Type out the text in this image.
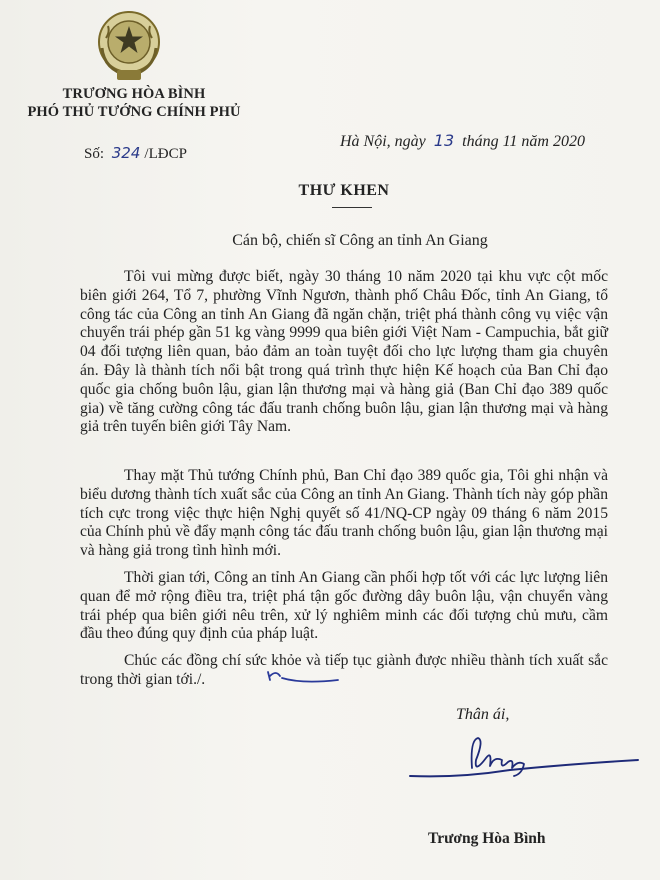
TRƯƠNG HÒA BÌNH
PHÓ THỦ TƯỚNG CHÍNH PHỦ
Số: 324 /LĐCP
Hà Nội, ngày 13 tháng 11 năm 2020
THƯ KHEN
Cán bộ, chiến sĩ Công an tỉnh An Giang
Tôi vui mừng được biết, ngày 30 tháng 10 năm 2020 tại khu vực cột mốc biên giới 264, Tổ 7, phường Vĩnh Ngươn, thành phố Châu Đốc, tỉnh An Giang, tổ công tác của Công an tỉnh An Giang đã ngăn chặn, triệt phá thành công vụ việc vận chuyển trái phép gần 51 kg vàng 9999 qua biên giới Việt Nam - Campuchia, bắt giữ 04 đối tượng liên quan, bảo đảm an toàn tuyệt đối cho lực lượng tham gia chuyên án. Đây là thành tích nổi bật trong quá trình thực hiện Kế hoạch của Ban Chỉ đạo quốc gia chống buôn lậu, gian lận thương mại và hàng giả (Ban Chỉ đạo 389 quốc gia) về tăng cường công tác đấu tranh chống buôn lậu, gian lận thương mại và hàng giả trên tuyến biên giới Tây Nam.
Thay mặt Thủ tướng Chính phủ, Ban Chỉ đạo 389 quốc gia, Tôi ghi nhận và biểu dương thành tích xuất sắc của Công an tỉnh An Giang. Thành tích này góp phần tích cực trong việc thực hiện Nghị quyết số 41/NQ-CP ngày 09 tháng 6 năm 2015 của Chính phủ về đẩy mạnh công tác đấu tranh chống buôn lậu, gian lận thương mại và hàng giả trong tình hình mới.
Thời gian tới, Công an tỉnh An Giang cần phối hợp tốt với các lực lượng liên quan để mở rộng điều tra, triệt phá tận gốc đường dây buôn lậu, vận chuyển vàng trái phép qua biên giới nêu trên, xử lý nghiêm minh các đối tượng chủ mưu, cầm đầu theo đúng quy định của pháp luật.
Chúc các đồng chí sức khỏe và tiếp tục giành được nhiều thành tích xuất sắc trong thời gian tới./.
Thân ái,
Trương Hòa Bình
